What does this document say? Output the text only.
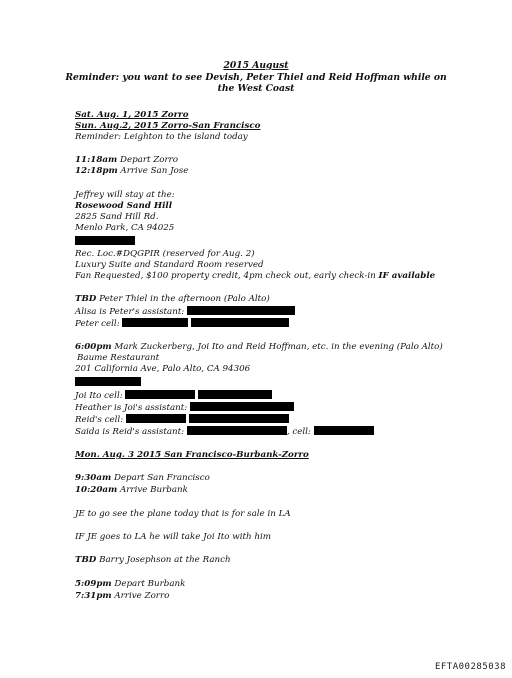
2015 August
Reminder: you want to see Devish, Peter Thiel and Reid Hoffman while on the West Coast
Sat. Aug. 1, 2015 Zorro
Sun. Aug.2, 2015 Zorro-San Francisco
Reminder: Leighton to the island today
11:18am Depart Zorro
12:18pm Arrive San Jose
Jeffrey will stay at the:
Rosewood Sand Hill
2825 Sand Hill Rd.
Menlo Park, CA 94025
Rec. Loc.#DQGPIR (reserved for Aug. 2)
Luxury Suite and Standard Room reserved
Fan Requested, $100 property credit, 4pm check out, early check-in IF available
TBD Peter Thiel in the afternoon (Palo Alto)
Alisa is Peter's assistant:
Peter cell:
6:00pm Mark Zuckerberg, Joi Ito and Reid Hoffman, etc. in the evening (Palo Alto)
Baume Restaurant
201 California Ave, Palo Alto, CA 94306
Joi Ito cell:
Heather is Joi's assistant:
Reid's cell:
Saida is Reid's assistant:	, cell:
Mon. Aug. 3 2015 San Francisco-Burbank-Zorro
9:30am Depart San Francisco
10:20am Arrive Burbank
JE to go see the plane today that is for sale in LA
IF JE goes to LA he will take Joi Ito with him
TBD Barry Josephson at the Ranch
5:09pm Depart Burbank
7:31pm Arrive Zorro
EFTA00285038
